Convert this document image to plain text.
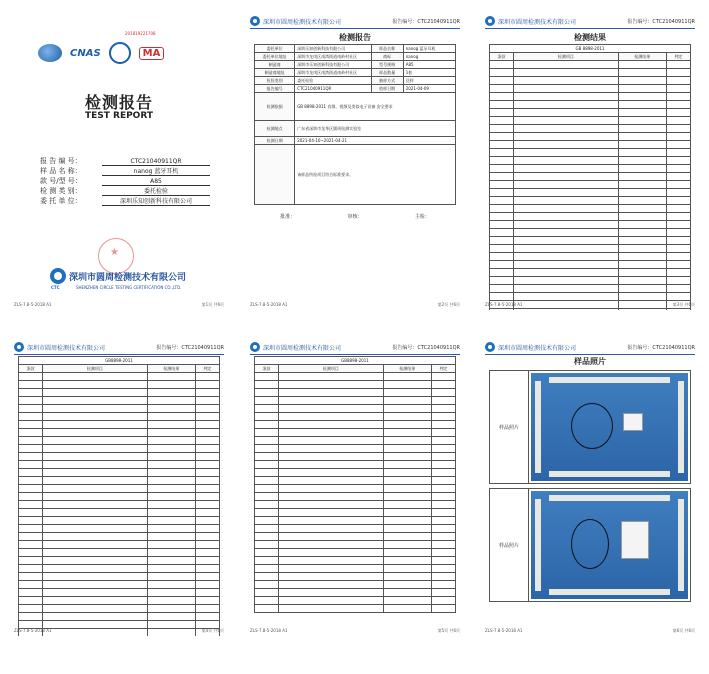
CNAS	MA
201819221708
检测报告
TEST REPORT
报 告 编 号：	CTC21040911QR
样 品 名 称：	nanog 蓝牙耳机
款 号/型 号：	A85
检 测 类 别：	委托检验
委 托 单 位：	深圳乐知创新科技有限公司
★
CTC
深圳市圆周检测技术有限公司
SHENZHEN CIRCLE TESTING CERTIFICATION CO.,LTD.
ZLS-7.8-5-2018 A1	第1页 共6页
深圳市圆周检测技术有限公司	报告编号：CTC21040911QR
检测报告
委托单位	深圳乐知创新科技有限公司	样品名称	nanog 蓝牙耳机
委托单位地址	深圳市龙岗区南湾街道南岭村社区	商标	nanog
制造商	深圳市乐知创新科技有限公司	型号规格	A85
制造商地址	深圳市龙岗区南湾街道南岭村社区	样品数量	1套
检验类别	委托检验	抽样方式	送样
报告编号	CTC21040911QR	收样日期	2021-04-09
检测依据	GB 8898-2011 音频、视频及类似电子设备 安全要求		
检测地点	广东省深圳市龙华区圆周检测实验室		
检测日期	2021-04-10~2021-04-21		
	该样品所检项目符合标准要求。		
批准：	审核：	主检：
ZLS-7.8-5-2018 A1	第2页 共6页
深圳市圆周检测技术有限公司	报告编号：CTC21040911QR
检测结果
GB 8898-2011			
条款	检测项目	检测结果	判定

ZLS-7.8-5-2018 A1	第3页 共6页
深圳市圆周检测技术有限公司	报告编号：CTC21040911QR
GB8898-2011			
条款	检测项目	检测结果	判定

ZLS-7.8-5-2018 A1	第4页 共6页
深圳市圆周检测技术有限公司	报告编号：CTC21040911QR
GB8898-2011			
条款	检测项目	检测结果	判定

ZLS-7.8-5-2018 A1	第5页 共6页
深圳市圆周检测技术有限公司	报告编号：CTC21040911QR
样品照片
样品照片
样品照片
ZLS-7.8-5-2018 A1	第6页 共6页
